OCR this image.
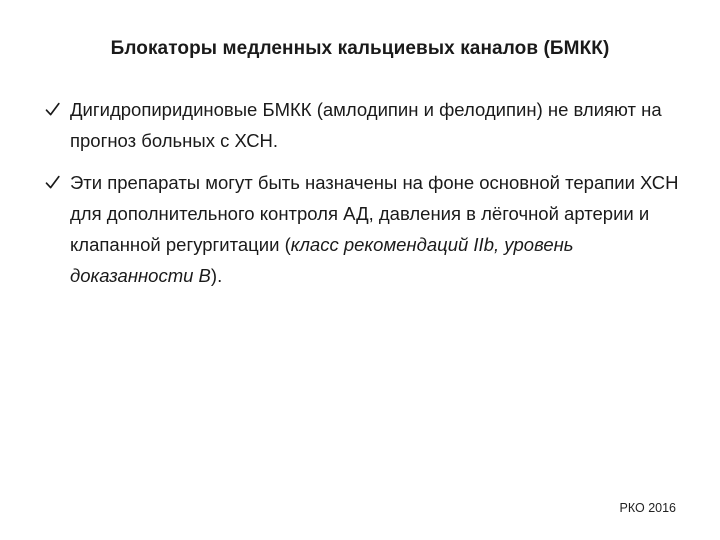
Блокаторы медленных кальциевых каналов (БМКК)
Дигидропиридиновые БМКК (амлодипин и фелодипин) не влияют на прогноз больных с ХСН.
Эти препараты могут быть назначены на фоне основной терапии ХСН для дополнительного контроля АД, давления в лёгочной артерии и клапанной регургитации (класс рекомендаций IIb, уровень доказанности B).
РКО 2016
